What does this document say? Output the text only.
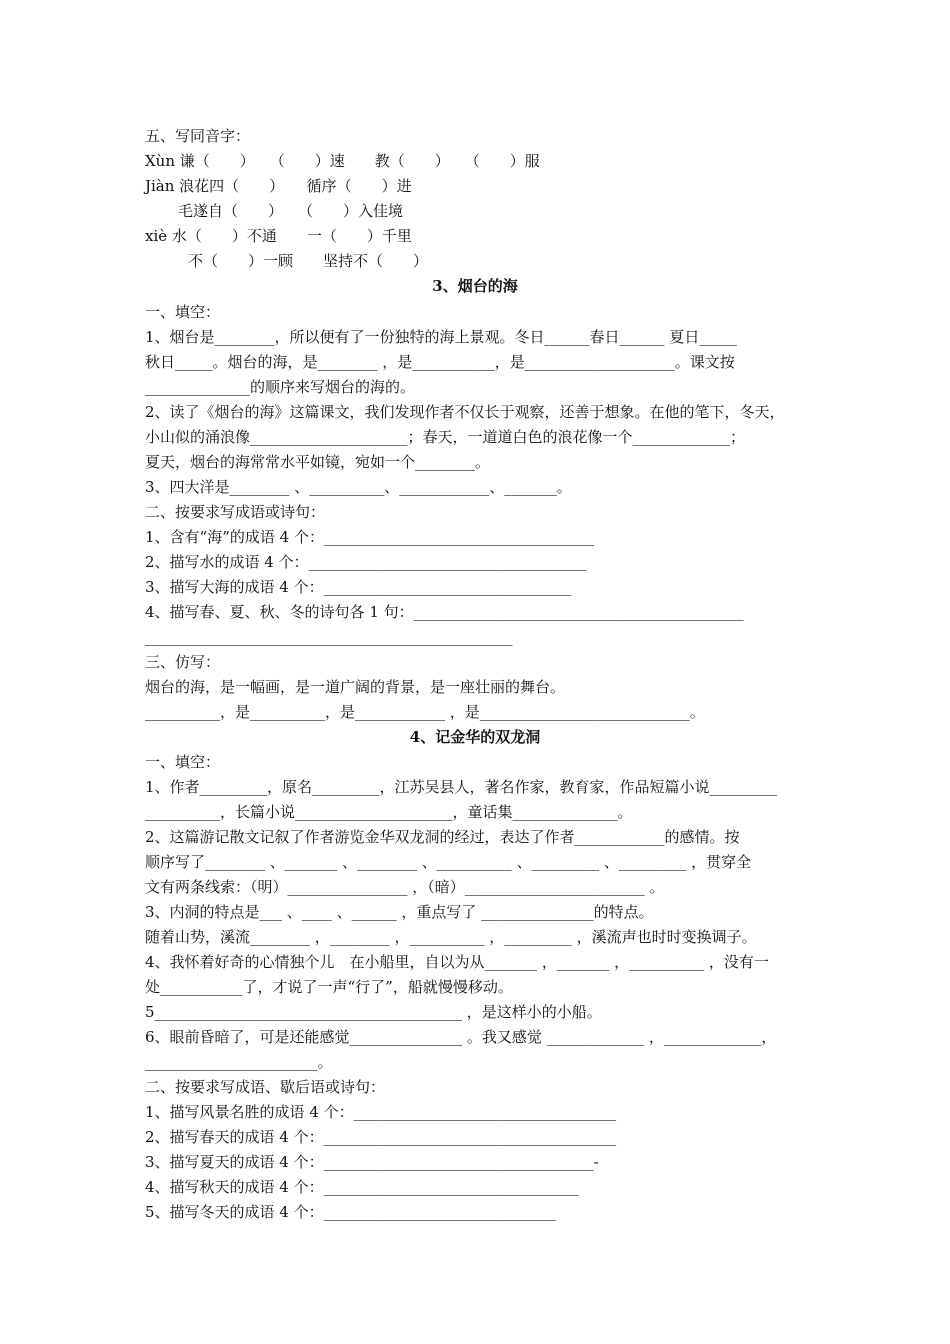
五、写同音字：
Xùn 谦（　　）　　（　　）速　　教（　　）　　（　　）服
Jiàn 浪花四（　　）　　循序（　　）进
毛遂自（　　）　　（　　）入佳境
xiè 水（　　）不通　　一（　　）千里
不（　　）一顾　　坚持不（　　）
3、烟台的海
一、填空：
1、烟台是________，所以便有了一份独特的海上景观。冬日______春日______ 夏日_____
秋日_____。烟台的海，是________ ，是___________，是____________________。课文按
______________的顺序来写烟台的海的。
2、读了《烟台的海》这篇课文，我们发现作者不仅长于观察，还善于想象。在他的笔下，冬天，
小山似的涌浪像_____________________；春天，一道道白色的浪花像一个_____________；
夏天，烟台的海常常水平如镜，宛如一个________。
3、四大洋是________ 、__________、____________、_______。
二、按要求写成语或诗句：
1、含有“海”的成语 4 个：____________________________________
2、描写水的成语 4 个：_____________________________________
3、描写大海的成语 4 个：_________________________________
4、描写春、夏、秋、冬的诗句各 1 句：____________________________________________
_________________________________________________
三、仿写：
烟台的海，是一幅画，是一道广阔的背景，是一座壮丽的舞台。
__________，是__________，是____________ ，是____________________________。
4、记金华的双龙洞
一、填空：
1、作者_________，原名_________，江苏吴县人，著名作家，教育家，作品短篇小说_________
__________，长篇小说_____________________，童话集______________。
2、这篇游记散文记叙了作者游览金华双龙洞的经过，表达了作者____________的感情。按
顺序写了________ 、_______ 、________ 、__________ 、_________ 、_________ ，贯穿全
文有两条线索：（明）________________ ，（暗）________________________ 。
3、内洞的特点是___ 、____ 、______ ，重点写了 _______________的特点。
随着山势，溪流________ ，________ ，__________ ，_________ ，溪流声也时时变换调子。
4、我怀着好奇的心情独个儿　在小船里，自以为从_______ ，_______ ，__________ ，没有一
处___________了，才说了一声“行了”，船就慢慢移动。
5_________________________________________ ，是这样小的小船。
6、眼前昏暗了，可是还能感觉_______________ 。我又感觉 _____________ ，_____________，
_______________________。
二、按要求写成语、歇后语或诗句：
1、描写风景名胜的成语 4 个：___________________________________
2、描写春天的成语 4 个：_______________________________________
3、描写夏天的成语 4 个：____________________________________-
4、描写秋天的成语 4 个：__________________________________
5、描写冬天的成语 4 个：_______________________________
